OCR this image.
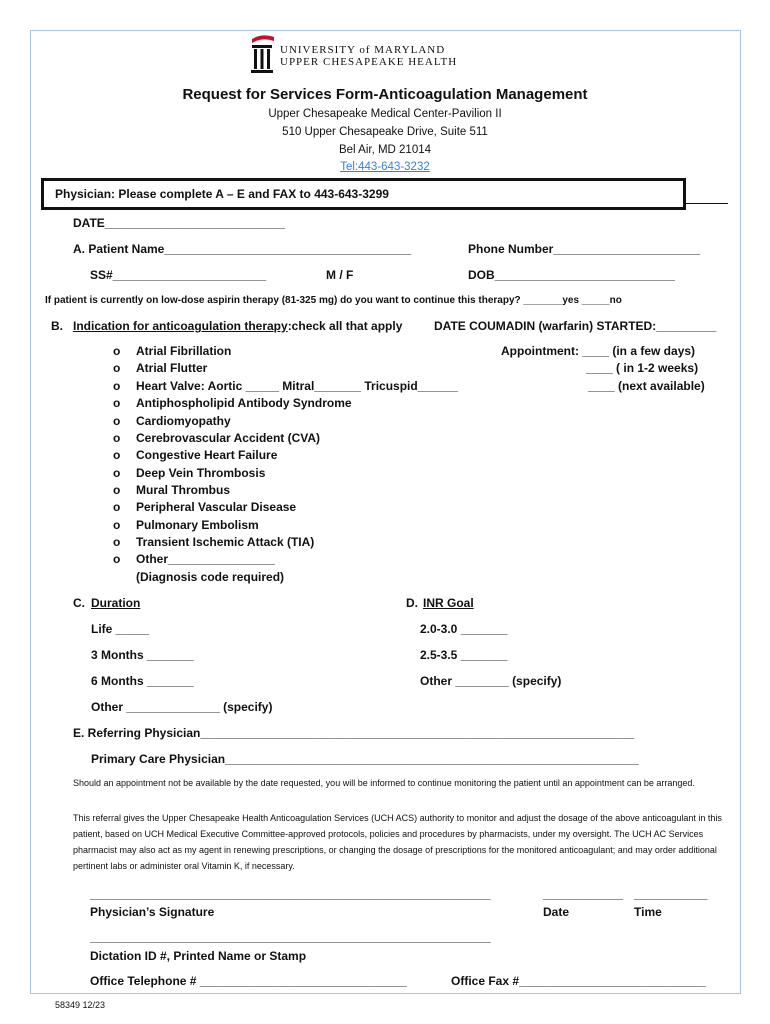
UNIVERSITY of MARYLAND
UPPER CHESAPEAKE HEALTH
Request for Services Form-Anticoagulation Management
Upper Chesapeake Medical Center-Pavilion II
510 Upper Chesapeake Drive, Suite 511
Bel Air, MD 21014
Tel:443-643-3232
Physician: Please complete A – E and FAX to 443-643-3299
DATE___________________________
A. Patient Name_____________________________________	Phone Number______________________
SS#_______________________	M / F	DOB___________________________
If patient is currently on low-dose aspirin therapy (81-325 mg) do you want to continue this therapy? _______yes _____no
B. Indication for anticoagulation therapy:check all that apply	DATE COUMADIN (warfarin) STARTED:_________
o Atrial Fibrillation
o Atrial Flutter
o Heart Valve: Aortic _____ Mitral_______ Tricuspid______
o Antiphospholipid Antibody Syndrome
o Cardiomyopathy
o Cerebrovascular Accident (CVA)
o Congestive Heart Failure
o Deep Vein Thrombosis
o Mural Thrombus
o Peripheral Vascular Disease
o Pulmonary Embolism
o Transient Ischemic Attack (TIA)
o Other________________
(Diagnosis code required)
Appointment: ____ (in a few days)
____ ( in 1-2 weeks)
____ (next available)
C. Duration
Life _____
3 Months _______
6 Months _______
Other ______________ (specify)
D. INR Goal
2.0-3.0 _______
2.5-3.5 _______
Other ________ (specify)
E. Referring Physician_________________________________________________________________
Primary Care Physician______________________________________________________________
Should an appointment not be available by the date requested, you will be informed to continue monitoring the patient until an appointment can be arranged.
This referral gives the Upper Chesapeake Health Anticoagulation Services (UCH ACS) authority to monitor and adjust the dosage of the above anticoagulant in this patient, based on UCH Medical Executive Committee-approved protocols, policies and procedures by pharmacists, under my oversight. The UCH AC Services pharmacist may also act as my agent in renewing prescriptions, or changing the dosage of prescriptions for the monitored anticoagulant; and may order additional pertinent labs or administer oral Vitamin K, if necessary.
____________________________________________________________	____________ ___________
Physician’s Signature	Date	Time
____________________________________________________________
Dictation ID #, Printed Name or Stamp
Office Telephone # _______________________________	Office Fax #____________________________
58349 12/23
